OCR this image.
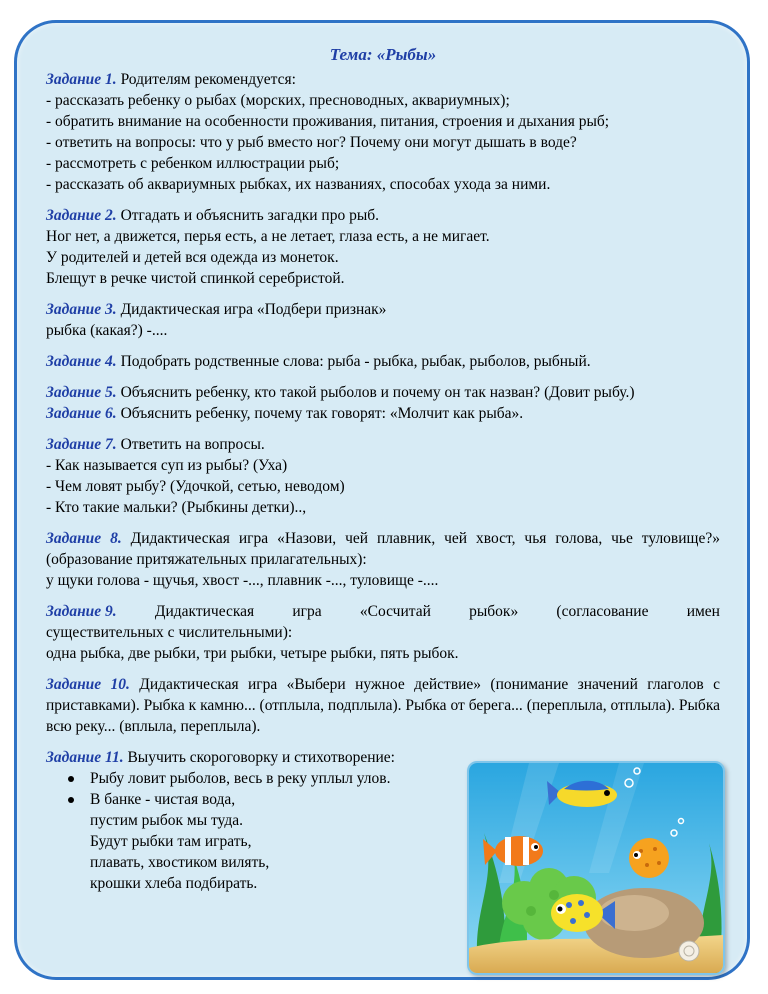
Тема: «Рыбы»
Задание 1. Родителям рекомендуется:
- рассказать ребенку о рыбах (морских, пресноводных, аквариумных);
- обратить внимание на особенности проживания, питания, строения и дыхания рыб;
- ответить на вопросы: что у рыб вместо ног? Почему они могут дышать в воде?
- рассмотреть с ребенком иллюстрации рыб;
- рассказать об аквариумных рыбках, их названиях, способах ухода за ними.
Задание 2. Отгадать и объяснить загадки про рыб.
Ног нет, а движется, перья есть, а не летает, глаза есть, а не мигает.
У родителей и детей вся одежда из монеток.
Блещут в речке чистой спинкой серебристой.
Задание 3. Дидактическая игра «Подбери признак»
рыбка (какая?) -....
Задание 4. Подобрать родственные слова: рыба - рыбка, рыбак, рыболов, рыбный.
Задание 5. Объяснить ребенку, кто такой рыболов и почему он так назван? (Довит рыбу.)
Задание 6. Объяснить ребенку, почему так говорят: «Молчит как рыба».
Задание 7. Ответить на вопросы.
- Как называется суп из рыбы? (Уха)
- Чем ловят рыбу? (Удочкой, сетью, неводом)
- Кто такие мальки? (Рыбкины детки)..,
Задание 8. Дидактическая игра «Назови, чей плавник, чей хвост, чья голова, чье туловище?» (образование притяжательных прилагательных):
у щуки голова - щучья, хвост -..., плавник -..., туловище -....
Задание 9. Дидактическая игра «Сосчитай рыбок» (согласование имен
существительных с числительными):
одна рыбка, две рыбки, три рыбки, четыре рыбки, пять рыбок.
Задание 10. Дидактическая игра «Выбери нужное действие» (понимание значений глаголов с приставками). Рыбка к камню... (отплыла, подплыла). Рыбка от берега... (переплыла, отплыла). Рыбка всю реку... (вплыла, переплыла).
Задание 11. Выучить скороговорку и стихотворение:
Рыбу ловит рыболов, весь в реку уплыл улов.
В банке - чистая вода,
пустим рыбок мы туда.
Будут рыбки там играть,
плавать, хвостиком вилять,
крошки хлеба подбирать.
